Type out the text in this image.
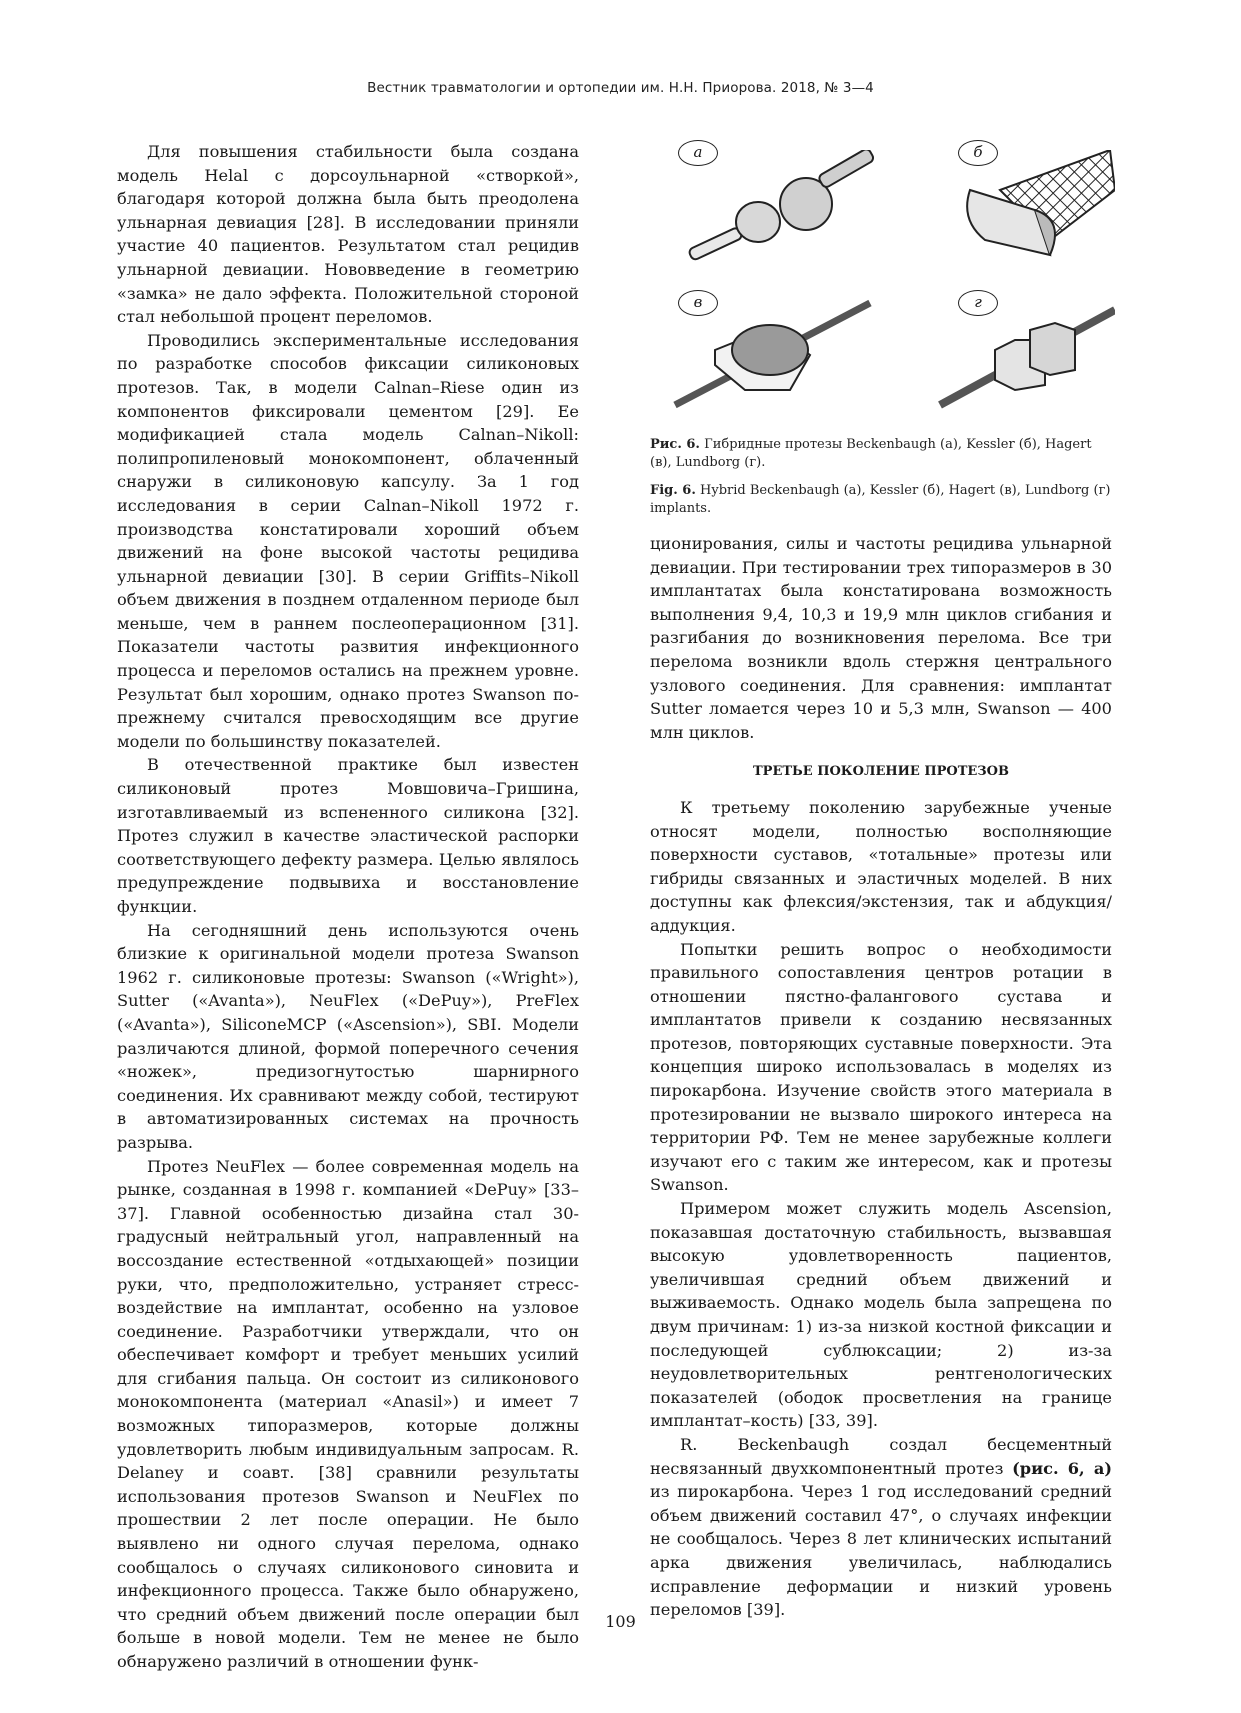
Вестник травматологии и ортопедии им. Н.Н. Приорова. 2018, № 3—4

Для повышения стабильности была создана модель Helal с дорсоульнарной «створкой», благодаря которой должна была быть преодолена ульнарная девиация [28]. В исследовании приняли участие 40 пациентов. Результатом стал рецидив ульнарной девиации. Нововведение в геометрию «замка» не дало эффекта. Положительной стороной стал небольшой процент переломов.

Проводились экспериментальные исследования по разработке способов фиксации силиконовых протезов. Так, в модели Calnan–Riese один из компонентов фиксировали цементом [29]. Ее модификацией стала модель Calnan–Nikoll: полипропиленовый монокомпонент, облаченный снаружи в силиконовую капсулу. За 1 год исследования в серии Calnan–Nikoll 1972 г. производства констатировали хороший объем движений на фоне высокой частоты рецидива ульнарной девиации [30]. В серии Griffits–Nikoll объем движения в позднем отдаленном периоде был меньше, чем в раннем послеоперационном [31]. Показатели частоты развития инфекционного процесса и переломов остались на прежнем уровне. Результат был хорошим, однако протез Swanson по-прежнему считался превосходящим все другие модели по большинству показателей.

В отечественной практике был известен силиконовый протез Мовшовича–Гришина, изготавливаемый из вспененного силикона [32]. Протез служил в качестве эластической распорки соответствующего дефекту размера. Целью являлось предупреждение подвывиха и восстановление функции.

На сегодняшний день используются очень близкие к оригинальной модели протеза Swanson 1962 г. силиконовые протезы: Swanson («Wright»), Sutter («Avanta»), NeuFlex («DePuy»), PreFlex («Avanta»), SiliconeMCP («Ascension»), SBI. Модели различаются длиной, формой поперечного сечения «ножек», предизогнутостью шарнирного соединения. Их сравнивают между собой, тестируют в автоматизированных системах на прочность разрыва.

Протез NeuFlex — более современная модель на рынке, созданная в 1998 г. компанией «DePuy» [33–37]. Главной особенностью дизайна стал 30-градусный нейтральный угол, направленный на воссоздание естественной «отдыхающей» позиции руки, что, предположительно, устраняет стресс-воздействие на имплантат, особенно на узловое соединение. Разработчики утверждали, что он обеспечивает комфорт и требует меньших усилий для сгибания пальца. Он состоит из силиконового монокомпонента (материал «Anasil») и имеет 7 возможных типоразмеров, которые должны удовлетворить любым индивидуальным запросам. R. Delaney и соавт. [38] сравнили результаты использования протезов Swanson и NeuFlex по прошествии 2 лет после операции. Не было выявлено ни одного случая перелома, однако сообщалось о случаях силиконового синовита и инфекционного процесса. Также было обнаружено, что средний объем движений после операции был больше в новой модели. Тем не менее не было обнаружено различий в отношении функ-

а	б
в	г
Рис. 6. Гибридные протезы Beckenbaugh (а), Kessler (б), Hagert (в), Lundborg (г).
Fig. 6. Hybrid Beckenbaugh (а), Kessler (б), Hagert (в), Lundborg (г) implants.

ционирования, силы и частоты рецидива ульнарной девиации. При тестировании трех типоразмеров в 30 имплантатах была констатирована возможность выполнения 9,4, 10,3 и 19,9 млн циклов сгибания и разгибания до возникновения перелома. Все три перелома возникли вдоль стержня центрального узлового соединения. Для сравнения: имплантат Sutter ломается через 10 и 5,3 млн, Swanson — 400 млн циклов.

ТРЕТЬЕ ПОКОЛЕНИЕ ПРОТЕЗОВ

К третьему поколению зарубежные ученые относят модели, полностью восполняющие поверхности суставов, «тотальные» протезы или гибриды связанных и эластичных моделей. В них доступны как флексия/экстензия, так и абдукция/аддукция.

Попытки решить вопрос о необходимости правильного сопоставления центров ротации в отношении пястно-фалангового сустава и имплантатов привели к созданию несвязанных протезов, повторяющих суставные поверхности. Эта концепция широко использовалась в моделях из пирокарбона. Изучение свойств этого материала в протезировании не вызвало широкого интереса на территории РФ. Тем не менее зарубежные коллеги изучают его с таким же интересом, как и протезы Swanson.

Примером может служить модель Ascension, показавшая достаточную стабильность, вызвавшая высокую удовлетворенность пациентов, увеличившая средний объем движений и выживаемость. Однако модель была запрещена по двум причинам: 1) из-за низкой костной фиксации и последующей сублюксации; 2) из-за неудовлетворительных рентгенологических показателей (ободок просветления на границе имплантат–кость) [33, 39].

R. Beckenbaugh создал бесцементный несвязанный двухкомпонентный протез (рис. 6, а) из пирокарбона. Через 1 год исследований средний объем движений составил 47°, о случаях инфекции не сообщалось. Через 8 лет клинических испытаний арка движения увеличилась, наблюдались исправление деформации и низкий уровень переломов [39].

109
